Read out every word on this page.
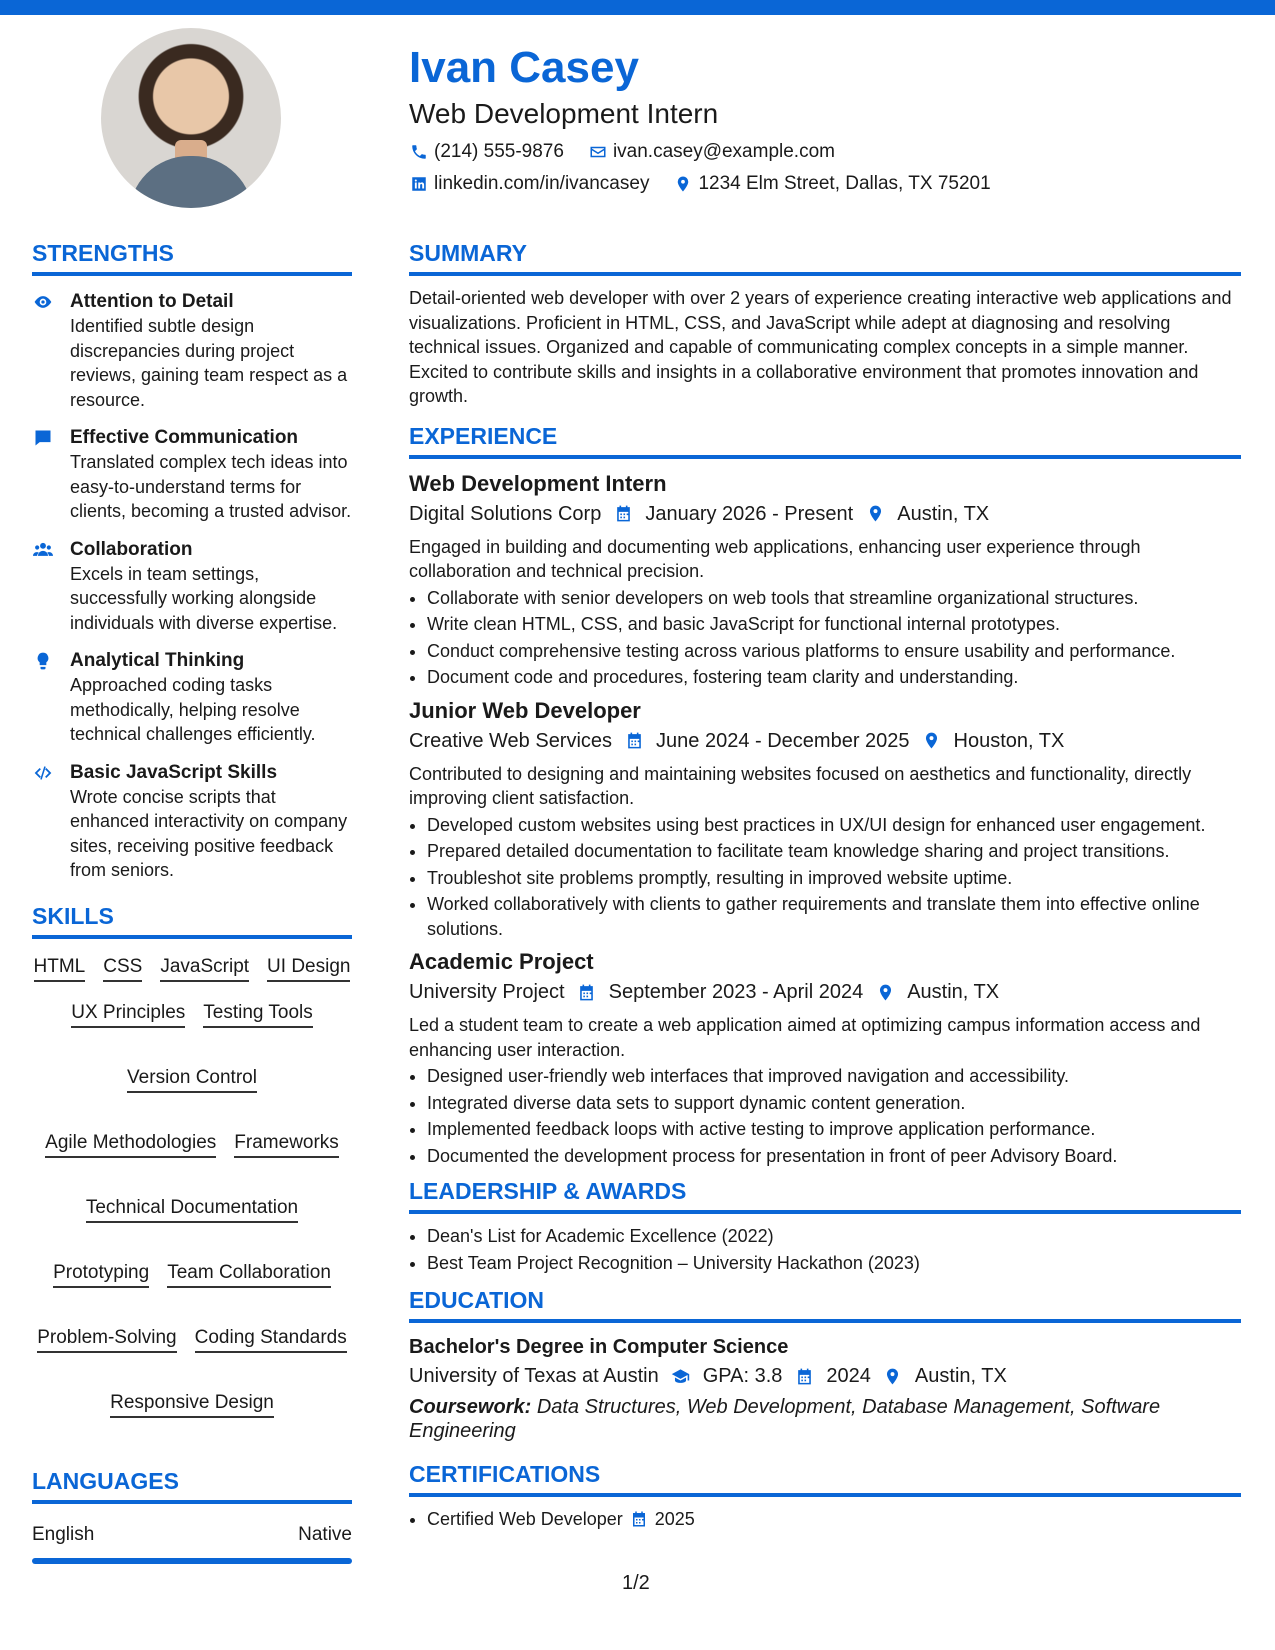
Ivan Casey
Web Development Intern
(214) 555-9876	ivan.casey@example.com
linkedin.com/in/ivancasey	1234 Elm Street, Dallas, TX 75201
STRENGTHS
Attention to Detail
Identified subtle design discrepancies during project reviews, gaining team respect as a resource.
Effective Communication
Translated complex tech ideas into easy-to-understand terms for clients, becoming a trusted advisor.
Collaboration
Excels in team settings, successfully working alongside individuals with diverse expertise.
Analytical Thinking
Approached coding tasks methodically, helping resolve technical challenges efficiently.
Basic JavaScript Skills
Wrote concise scripts that enhanced interactivity on company sites, receiving positive feedback from seniors.
SKILLS
HTML CSS JavaScript UI Design
UX Principles Testing Tools
Version Control
Agile Methodologies Frameworks
Technical Documentation
Prototyping Team Collaboration
Problem-Solving Coding Standards
Responsive Design
LANGUAGES
English	Native
SUMMARY
Detail-oriented web developer with over 2 years of experience creating interactive web applications and visualizations. Proficient in HTML, CSS, and JavaScript while adept at diagnosing and resolving technical issues. Organized and capable of communicating complex concepts in a simple manner. Excited to contribute skills and insights in a collaborative environment that promotes innovation and growth.
EXPERIENCE
Web Development Intern
Digital Solutions Corp January 2026 - Present Austin, TX
Engaged in building and documenting web applications, enhancing user experience through collaboration and technical precision.
• Collaborate with senior developers on web tools that streamline organizational structures.
• Write clean HTML, CSS, and basic JavaScript for functional internal prototypes.
• Conduct comprehensive testing across various platforms to ensure usability and performance.
• Document code and procedures, fostering team clarity and understanding.
Junior Web Developer
Creative Web Services June 2024 - December 2025 Houston, TX
Contributed to designing and maintaining websites focused on aesthetics and functionality, directly improving client satisfaction.
• Developed custom websites using best practices in UX/UI design for enhanced user engagement.
• Prepared detailed documentation to facilitate team knowledge sharing and project transitions.
• Troubleshot site problems promptly, resulting in improved website uptime.
• Worked collaboratively with clients to gather requirements and translate them into effective online solutions.
Academic Project
University Project September 2023 - April 2024 Austin, TX
Led a student team to create a web application aimed at optimizing campus information access and enhancing user interaction.
• Designed user-friendly web interfaces that improved navigation and accessibility.
• Integrated diverse data sets to support dynamic content generation.
• Implemented feedback loops with active testing to improve application performance.
• Documented the development process for presentation in front of peer Advisory Board.
LEADERSHIP & AWARDS
• Dean's List for Academic Excellence (2022)
• Best Team Project Recognition – University Hackathon (2023)
EDUCATION
Bachelor's Degree in Computer Science
University of Texas at Austin GPA: 3.8 2024 Austin, TX
Coursework: Data Structures, Web Development, Database Management, Software Engineering
CERTIFICATIONS
• Certified Web Developer 2025
1/2
